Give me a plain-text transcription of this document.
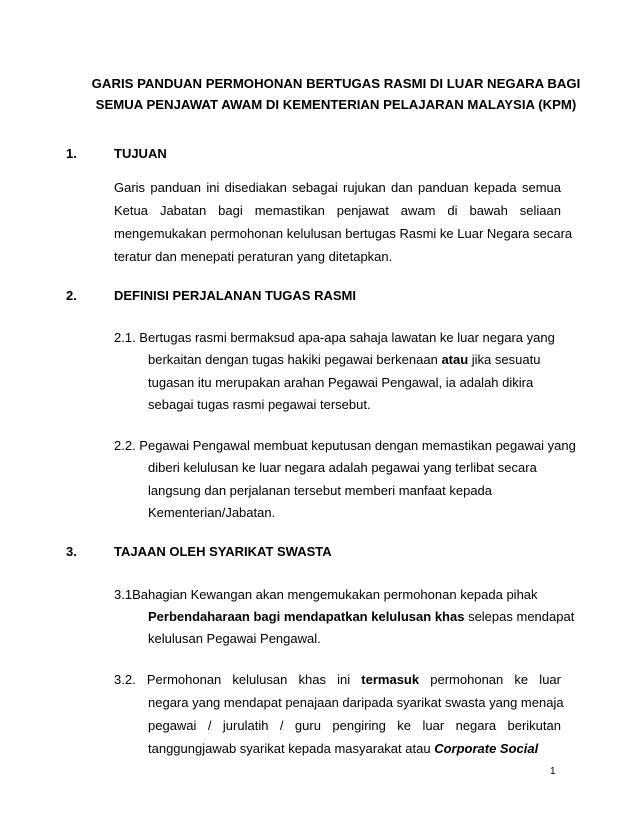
GARIS PANDUAN PERMOHONAN BERTUGAS RASMI DI LUAR NEGARA BAGI
SEMUA PENJAWAT AWAM DI KEMENTERIAN PELAJARAN MALAYSIA (KPM)
1.	TUJUAN
Garis panduan ini disediakan sebagai rujukan dan panduan kepada semua
Ketua Jabatan bagi memastikan penjawat awam di bawah seliaan
mengemukakan permohonan kelulusan bertugas Rasmi ke Luar Negara secara
teratur dan menepati peraturan yang ditetapkan.
2.	DEFINISI PERJALANAN TUGAS RASMI
2.1. Bertugas rasmi bermaksud apa-apa sahaja lawatan ke luar negara yang
berkaitan dengan tugas hakiki pegawai berkenaan atau jika sesuatu
tugasan itu merupakan arahan Pegawai Pengawal, ia adalah dikira
sebagai tugas rasmi pegawai tersebut.
2.2. Pegawai Pengawal membuat keputusan dengan memastikan pegawai yang
diberi kelulusan ke luar negara adalah pegawai yang terlibat secara
langsung dan perjalanan tersebut memberi manfaat kepada
Kementerian/Jabatan.
3.	TAJAAN OLEH SYARIKAT SWASTA
3.1Bahagian Kewangan akan mengemukakan permohonan kepada pihak
Perbendaharaan bagi mendapatkan kelulusan khas selepas mendapat
kelulusan Pegawai Pengawal.
3.2.   Permohonan   kelulusan   khas   ini   termasuk   permohonan   ke   luar
negara yang mendapat penajaan daripada syarikat swasta yang menaja
pegawai / jurulatih / guru pengiring ke luar negara berikutan
tanggungjawab syarikat kepada masyarakat atau Corporate Social
1
